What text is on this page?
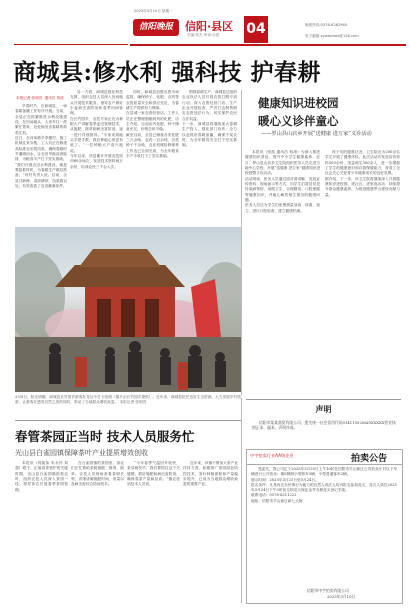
2025年3月10日 星期一
信阳晚报	信阳·县区 04
责编:张杰 审读:余建
晚报热线:0376-6262965
电子邮箱:xywbnews@126.com
商城县:修水利 强科技 护春耕
本报记者 张明亮 通讯员 刘道

早春时节，在商城县，一场春耕备播工作有序开展。当前，全县正在抓紧推进水利设施建设，在田间地头，人来车往一派繁忙景象，处处焕发出春耕的勃勃生机。
近日，在河凤桥乡李楼村，施工机械往来穿梭，工人们正在修建高标准农田的沟渠，确保春耕时节灌溉用水，让农田旱能浇涝能排，为粮食丰产打下坚实基础。
“我们开展农田水利建设，就是要抢抓时机，为春耕生产做好准备。”该村负责人说。目前，全县共新修、清淤塘坝、沟渠数百处，有效改善了农田灌溉条件。

另一方面，商城县强化科技支撑，组织农技人员深入田间地头开展技术服务，指导农户做好小麦病虫害防治和春季田间管理。
在长竹园乡，农技专家正在为种粮大户讲解春季麦田管理技术，从施肥、除草到病虫害防治，逐一进行详细指导。“专家来到地头手把手教，我们种地心里更有底了。”一位种粮大户高兴地说。
今年以来，该县累计开展农技培训60余场次，发放技术资料两万余份，培训农民三千余人次。

同时，商城县加强农资市场监管，确保种子、化肥、农药等农资质量安全和供应充足，为春耕生产提供有力保障。
在县城一家农资经营店，工作人员正在整理刚刚到货的化肥，店主介绍，目前店内化肥、种子储备充足，价格总体平稳。
截至目前，全县已储备各类化肥三万余吨、农药一百余吨、各类种子千余吨，农业机械检修保养工作也已全面完成，为全年粮食丰产丰收打下了坚实基础。

围绕春耕生产，商城县还组织农业执法人员开展农资打假专项行动，深入农资经营门店、生产企业开展检查，严厉打击制售假劣农资违法行为，切实保护农民合法权益。
下一步，商城县将继续加大春耕生产投入，强化部门协作，全力以赴抓好春耕备播，确保不误农时，为全年粮食安全打下坚实基础。

健康知识进校园
暖心义诊伴童心
——罗山县山店乡开展“送健康 进万家”义诊活动

本报讯（张凯 通讯员 何涛）为深入推进健康知识普及，提升中小学生健康素养，近日，罗山县山店乡卫生院组织医务人员走进当地中心学校，开展“送健康 进万家”健康知识进校园暨义诊活动。
活动现场，医务人员通过面对面讲解、发放宣传资料、现场演示等方式，向学生们普及常见传染病预防、用眼卫生、合理膳食、口腔保健等健康知识，并耐心解答师生提出的健康问题。
医务人员还为学生们免费测量身高、体重、视力，进行口腔检查，建立健康档案。

孩子们的健康状况，卫生院还为200余名学生开展了健康体检。此次活动共发放宣传资料500余份，受益师生300余人，进一步增强了学生的健康意识和自我保健能力，营造了全社会关心关爱青少年健康成长的良好氛围。
据介绍，下一步，该卫生院将继续深入开展健康知识进校园、进社区、进家庭活动，持续提升群众健康素养，为推进健康罗山建设贡献力量。

3月8日，阳光明媚，商城县长竹园乡游客在花丛中打卡拍照（图片由长竹园乡提供）。近年来，商城县依托良好生态资源，大力发展乡村旅游，让游客在感受自然之美的同时，带动了当地群众增收致富。 本报记者 张明亮
春管茶园正当时 技术人员服务忙
光山县白雀园镇保障茶叶产业提质增效创收

本报讯（郭铭伟 朱永怀 刘超）眼下，正值春茶管护的关键时期，光山县白雀园镇抢抓农时，组织农技人员深入茶园一线，指导茶农开展春季茶园管理。

在白雀园镇的茶园里，茶农们正忙着给茶树施肥、修剪、除草。农技人员现场查看茶树长势，详细讲解施肥时间、用量以及病虫害综合防治技术。

“今年春季气温回升较快，茶芽萌发早，我们要抓住这个关键期，做好施肥和病虫害防治，确保春茶产量和品质。”镇农技站技术人员说。

近年来，该镇不断加大茶产业扶持力度，积极推广茶园绿色防控技术，茶叶种植面积和产量稳步提升，已成为当地群众增收致富的重要产业。

声明
信阳市某某商贸有限公司，遗失统一社会信用代码91411502MA9XXXXX营业执照正本、副本，声明作废。
中宇拍卖行业AA级企业	拍卖公告
受委托，我公司定于2025年3月25日上午10时在信阳市羊山新区公司拍卖厅对以下车辆进行公开拍卖：豫S牌照小型轿车3辆、小型普通客车2辆。
展示时间：2025年3月21日至3月24日。
报名条件：凡具有完全民事行为能力的自然人或法人均可报名参加竞买，竞买人须在2025年3月24日下午5时前交纳竞买保证金并办理竞买登记手续。
联系电话：0376-6211222
地址：信阳市羊山新区新七大街
信阳市中宇拍卖有限公司
2025年3月10日
